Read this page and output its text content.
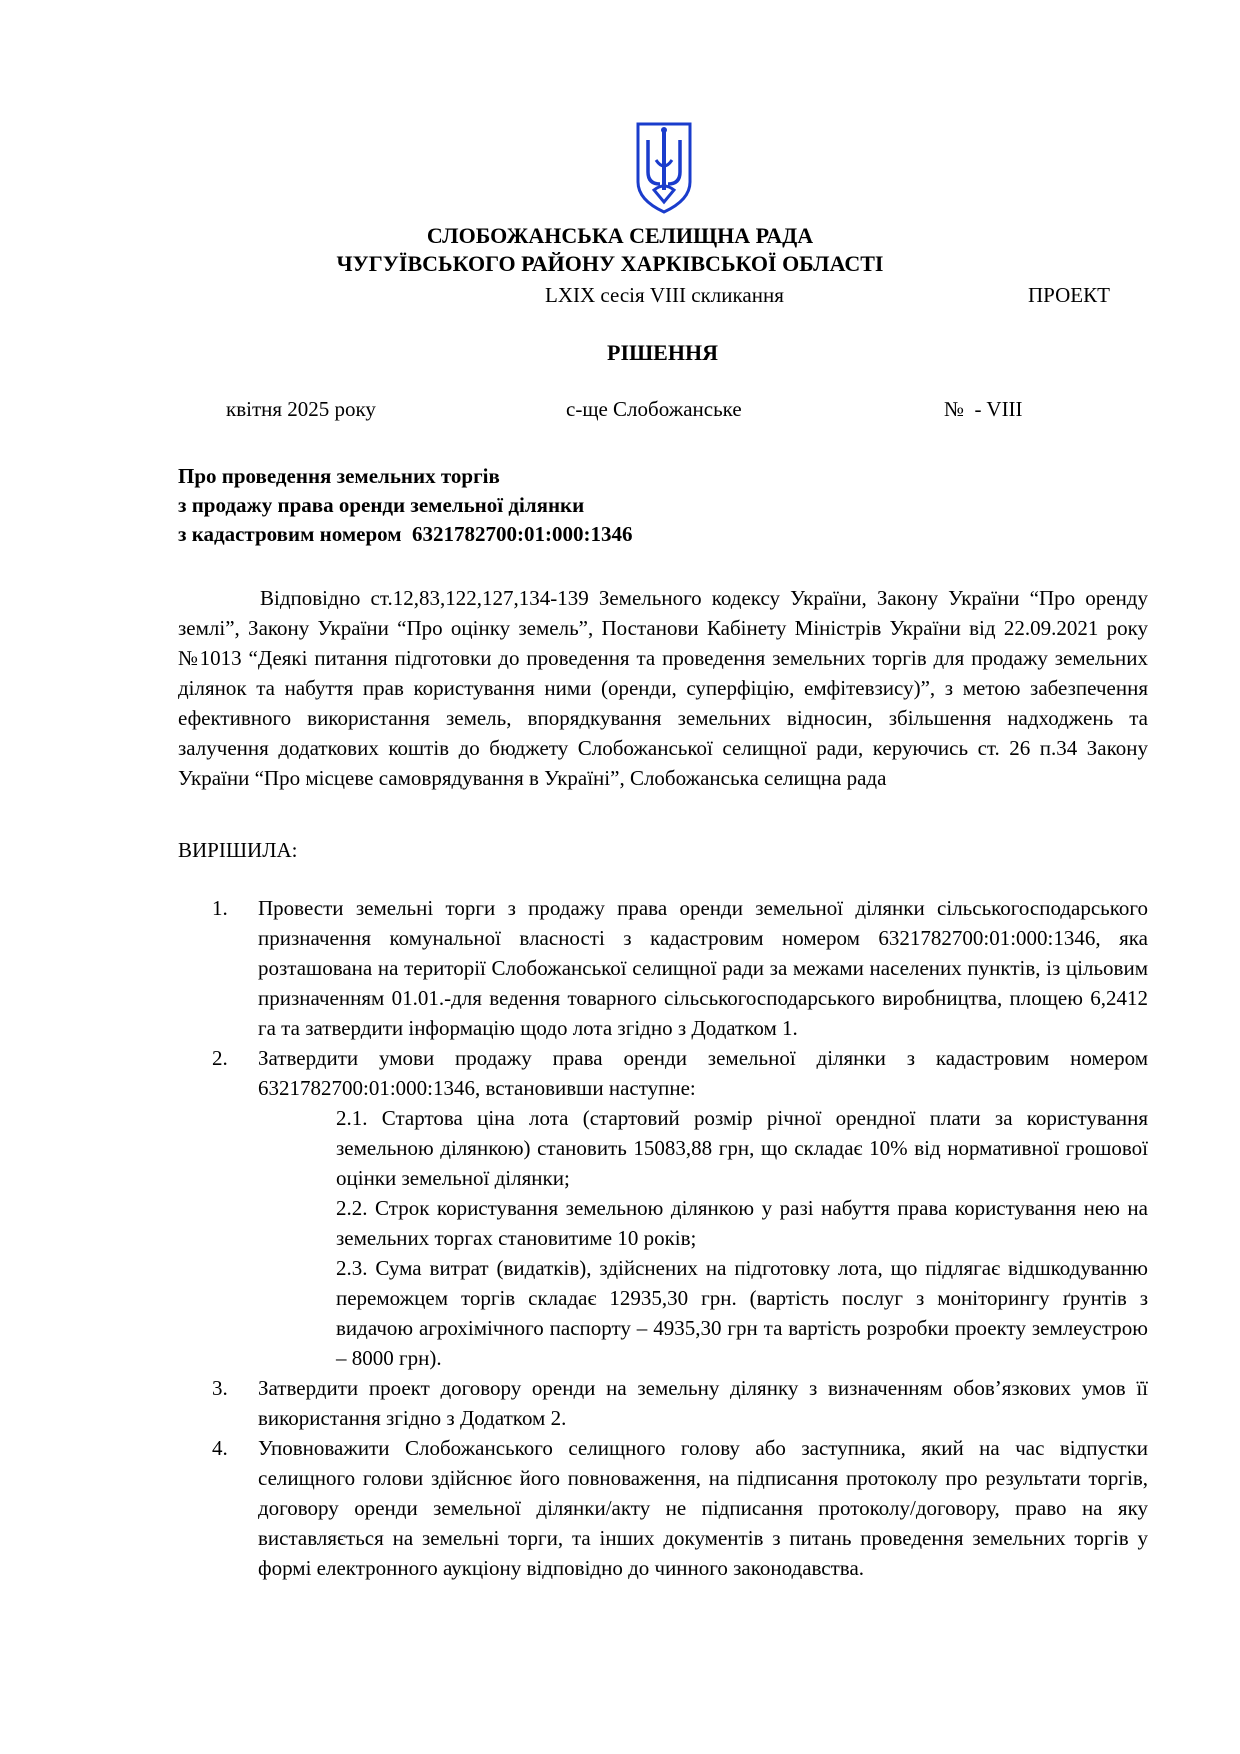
СЛОБОЖАНСЬКА СЕЛИЩНА РАДА
ЧУГУЇВСЬКОГО РАЙОНУ ХАРКІВСЬКОЇ ОБЛАСТІ
LXIX сесія VIII скликання	ПРОЕКТ
РІШЕННЯ
квітня 2025 року	с-ще Слобожанське	№  - VIII
Про проведення земельних торгів
з продажу права оренди земельної ділянки
з кадастровим номером  6321782700:01:000:1346

Відповідно ст.12,83,122,127,134-139 Земельного кодексу України, Закону України “Про оренду землі”, Закону України “Про оцінку земель”, Постанови Кабінету Міністрів України від 22.09.2021 року №1013 “Деякі питання підготовки до проведення та проведення земельних торгів для продажу земельних ділянок та набуття прав користування ними (оренди, суперфіцію, емфітевзису)”, з метою забезпечення ефективного використання земель, впорядкування земельних відносин, збільшення надходжень та залучення додаткових коштів до бюджету Слобожанської селищної ради, керуючись ст. 26 п.34 Закону України “Про місцеве самоврядування в Україні”, Слобожанська селищна рада

ВИРІШИЛА:
1. Провести земельні торги з продажу права оренди земельної ділянки сільськогосподарського призначення комунальної власності з кадастровим номером 6321782700:01:000:1346, яка розташована на території Слобожанської селищної ради за межами населених пунктів, із цільовим призначенням 01.01.-для ведення товарного сільськогосподарського виробництва, площею 6,2412 га та затвердити інформацію щодо лота згідно з Додатком 1.
2. Затвердити умови продажу права оренди земельної ділянки з кадастровим номером 6321782700:01:000:1346, встановивши наступне:
2.1. Стартова ціна лота (стартовий розмір річної орендної плати за користування земельною ділянкою) становить 15083,88 грн, що складає 10% від нормативної грошової оцінки земельної ділянки;
2.2. Строк користування земельною ділянкою у разі набуття права користування нею на земельних торгах становитиме 10 років;
2.3. Сума витрат (видатків), здійснених на підготовку лота, що підлягає відшкодуванню переможцем торгів складає 12935,30 грн. (вартість послуг з моніторингу ґрунтів з видачою агрохімічного паспорту – 4935,30 грн та вартість розробки проекту землеустрою – 8000 грн).
3. Затвердити проект договору оренди на земельну ділянку з визначенням обов’язкових умов її використання згідно з Додатком 2.
4. Уповноважити Слобожанського селищного голову або заступника, який на час відпустки селищного голови здійснює його повноваження, на підписання протоколу про результати торгів, договору оренди земельної ділянки/акту не підписання протоколу/договору, право на яку виставляється на земельні торги, та інших документів з питань проведення земельних торгів у формі електронного аукціону відповідно до чинного законодавства.
